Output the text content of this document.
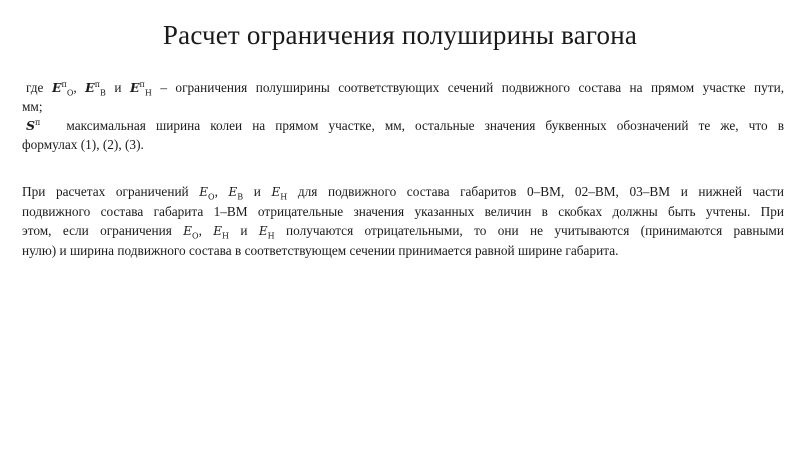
Расчет ограничения полуширины вагона
где $E^п_O$, $E^п_В$ и $E^п_H$ – ограничения полуширины соответствующих сечений подвижного состава на прямом участке пути,
мм;
$S^п$ максимальная ширина колеи на прямом участке, мм, остальные значения буквенных обозначений те же, что в
формулах (1), (2), (3).
При расчетах ограничений $E_O$, $E_B$ и $E_H$ для подвижного состава габаритов 0–ВМ, 02–ВМ, 03–ВМ и нижней части
подвижного состава габарита 1–ВМ отрицательные значения указанных величин в скобках должны быть учтены. При
этом, если ограничения $E_O$, $E_H$ и $E_H$ получаются отрицательными, то они не учитываются (принимаются равными
нулю) и ширина подвижного состава в соответствующем сечении принимается равной ширине габарита.
